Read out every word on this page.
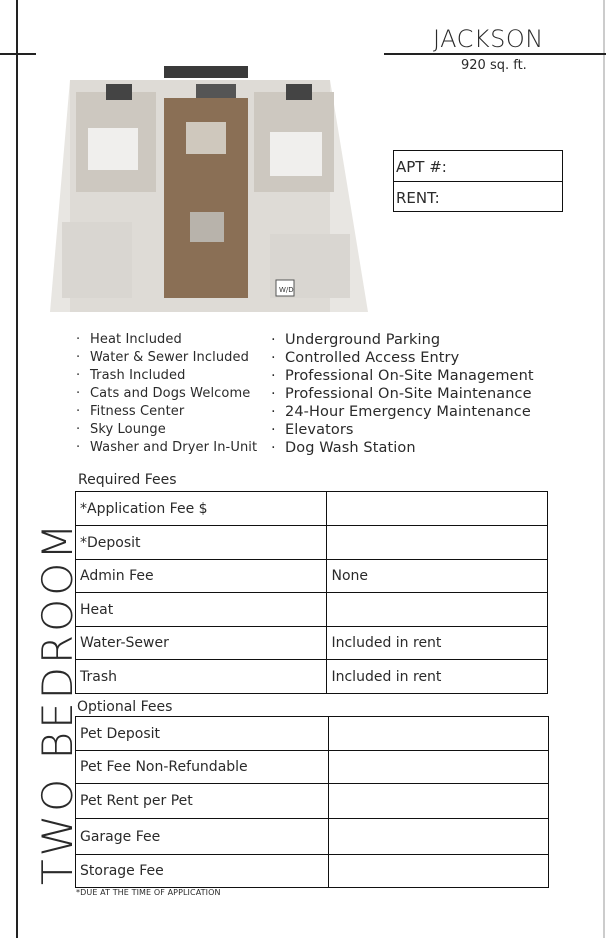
JACKSON
920 sq. ft.
W/D
APT #:
RENT:
· Heat Included
· Water & Sewer Included
· Trash Included
· Cats and Dogs Welcome
· Fitness Center
· Sky Lounge
· Washer and Dryer In-Unit
· Underground Parking
· Controlled Access Entry
· Professional On-Site Management
· Professional On-Site Maintenance
· 24-Hour Emergency Maintenance
· Elevators
· Dog Wash Station
Required Fees
*Application Fee $	
*Deposit	
Admin Fee	None
Heat	
Water-Sewer	Included in rent
Trash	Included in rent
Optional Fees
Pet Deposit	
Pet Fee Non-Refundable	
Pet Rent per Pet	
Garage Fee	
Storage Fee	
TWO BEDROOM
*DUE AT THE TIME OF APPLICATION
